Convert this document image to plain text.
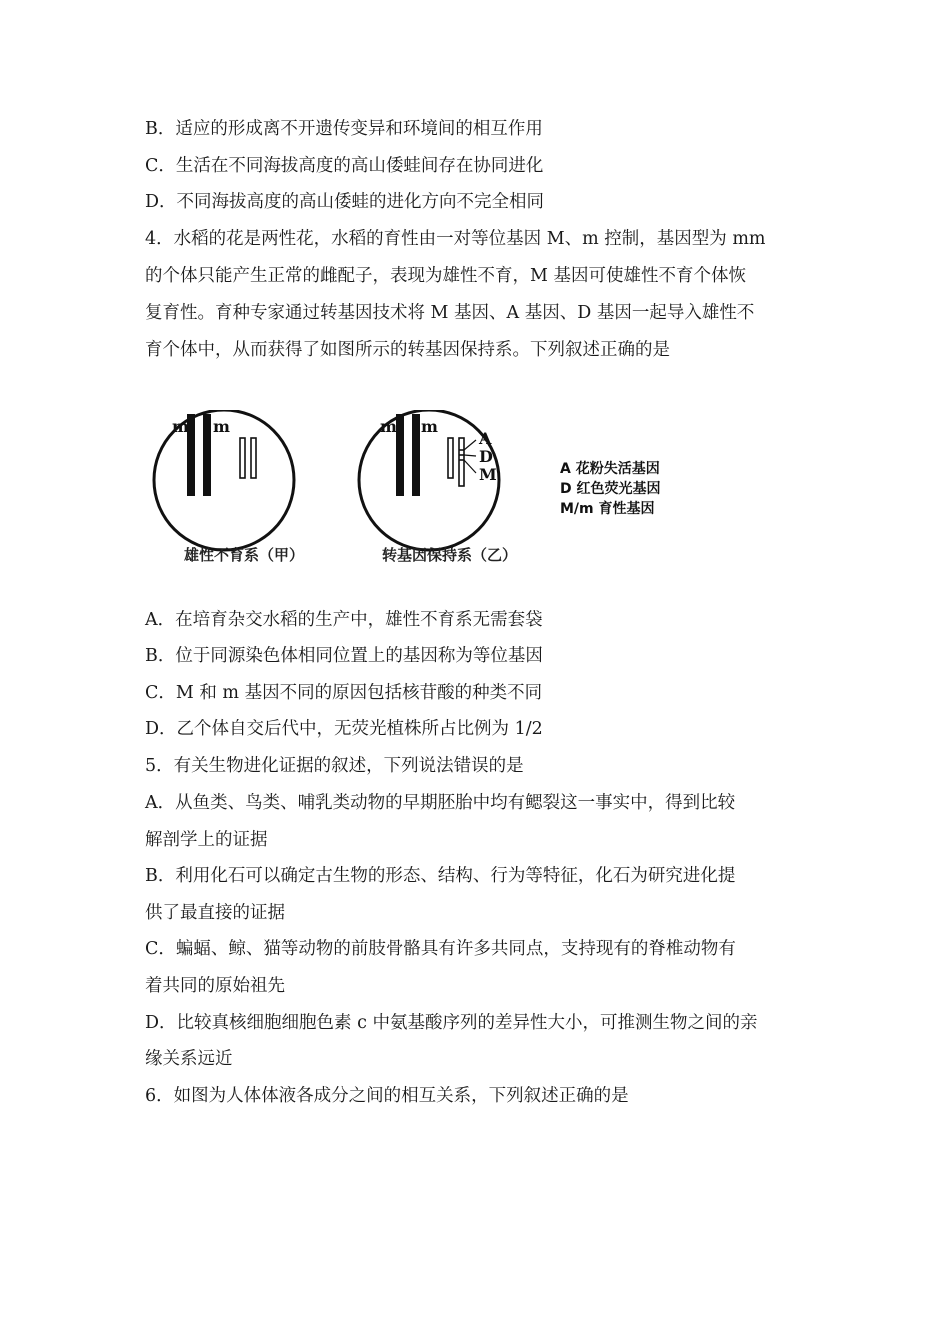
B．适应的形成离不开遗传变异和环境间的相互作用
C．生活在不同海拔高度的高山倭蛙间存在协同进化
D．不同海拔高度的高山倭蛙的进化方向不完全相同
4．水稻的花是两性花，水稻的育性由一对等位基因 M、m 控制，基因型为 mm
的个体只能产生正常的雌配子，表现为雄性不育，M 基因可使雄性不育个体恢
复育性。育种专家通过转基因技术将 M 基因、A 基因、D 基因一起导入雄性不
育个体中，从而获得了如图所示的转基因保持系。下列叙述正确的是
m m
雄性不育系（甲）
m m
A
D
M
转基因保持系（乙）
A 花粉失活基因
D 红色荧光基因
M/m 育性基因
A．在培育杂交水稻的生产中，雄性不育系无需套袋
B．位于同源染色体相同位置上的基因称为等位基因
C．M 和 m 基因不同的原因包括核苷酸的种类不同
D．乙个体自交后代中，无荧光植株所占比例为 1/2
5．有关生物进化证据的叙述，下列说法错误的是
A．从鱼类、鸟类、哺乳类动物的早期胚胎中均有鳃裂这一事实中，得到比较
解剖学上的证据
B．利用化石可以确定古生物的形态、结构、行为等特征，化石为研究进化提
供了最直接的证据
C．蝙蝠、鲸、猫等动物的前肢骨骼具有许多共同点，支持现有的脊椎动物有
着共同的原始祖先
D．比较真核细胞细胞色素 c 中氨基酸序列的差异性大小，可推测生物之间的亲
缘关系远近
6．如图为人体体液各成分之间的相互关系，下列叙述正确的是
